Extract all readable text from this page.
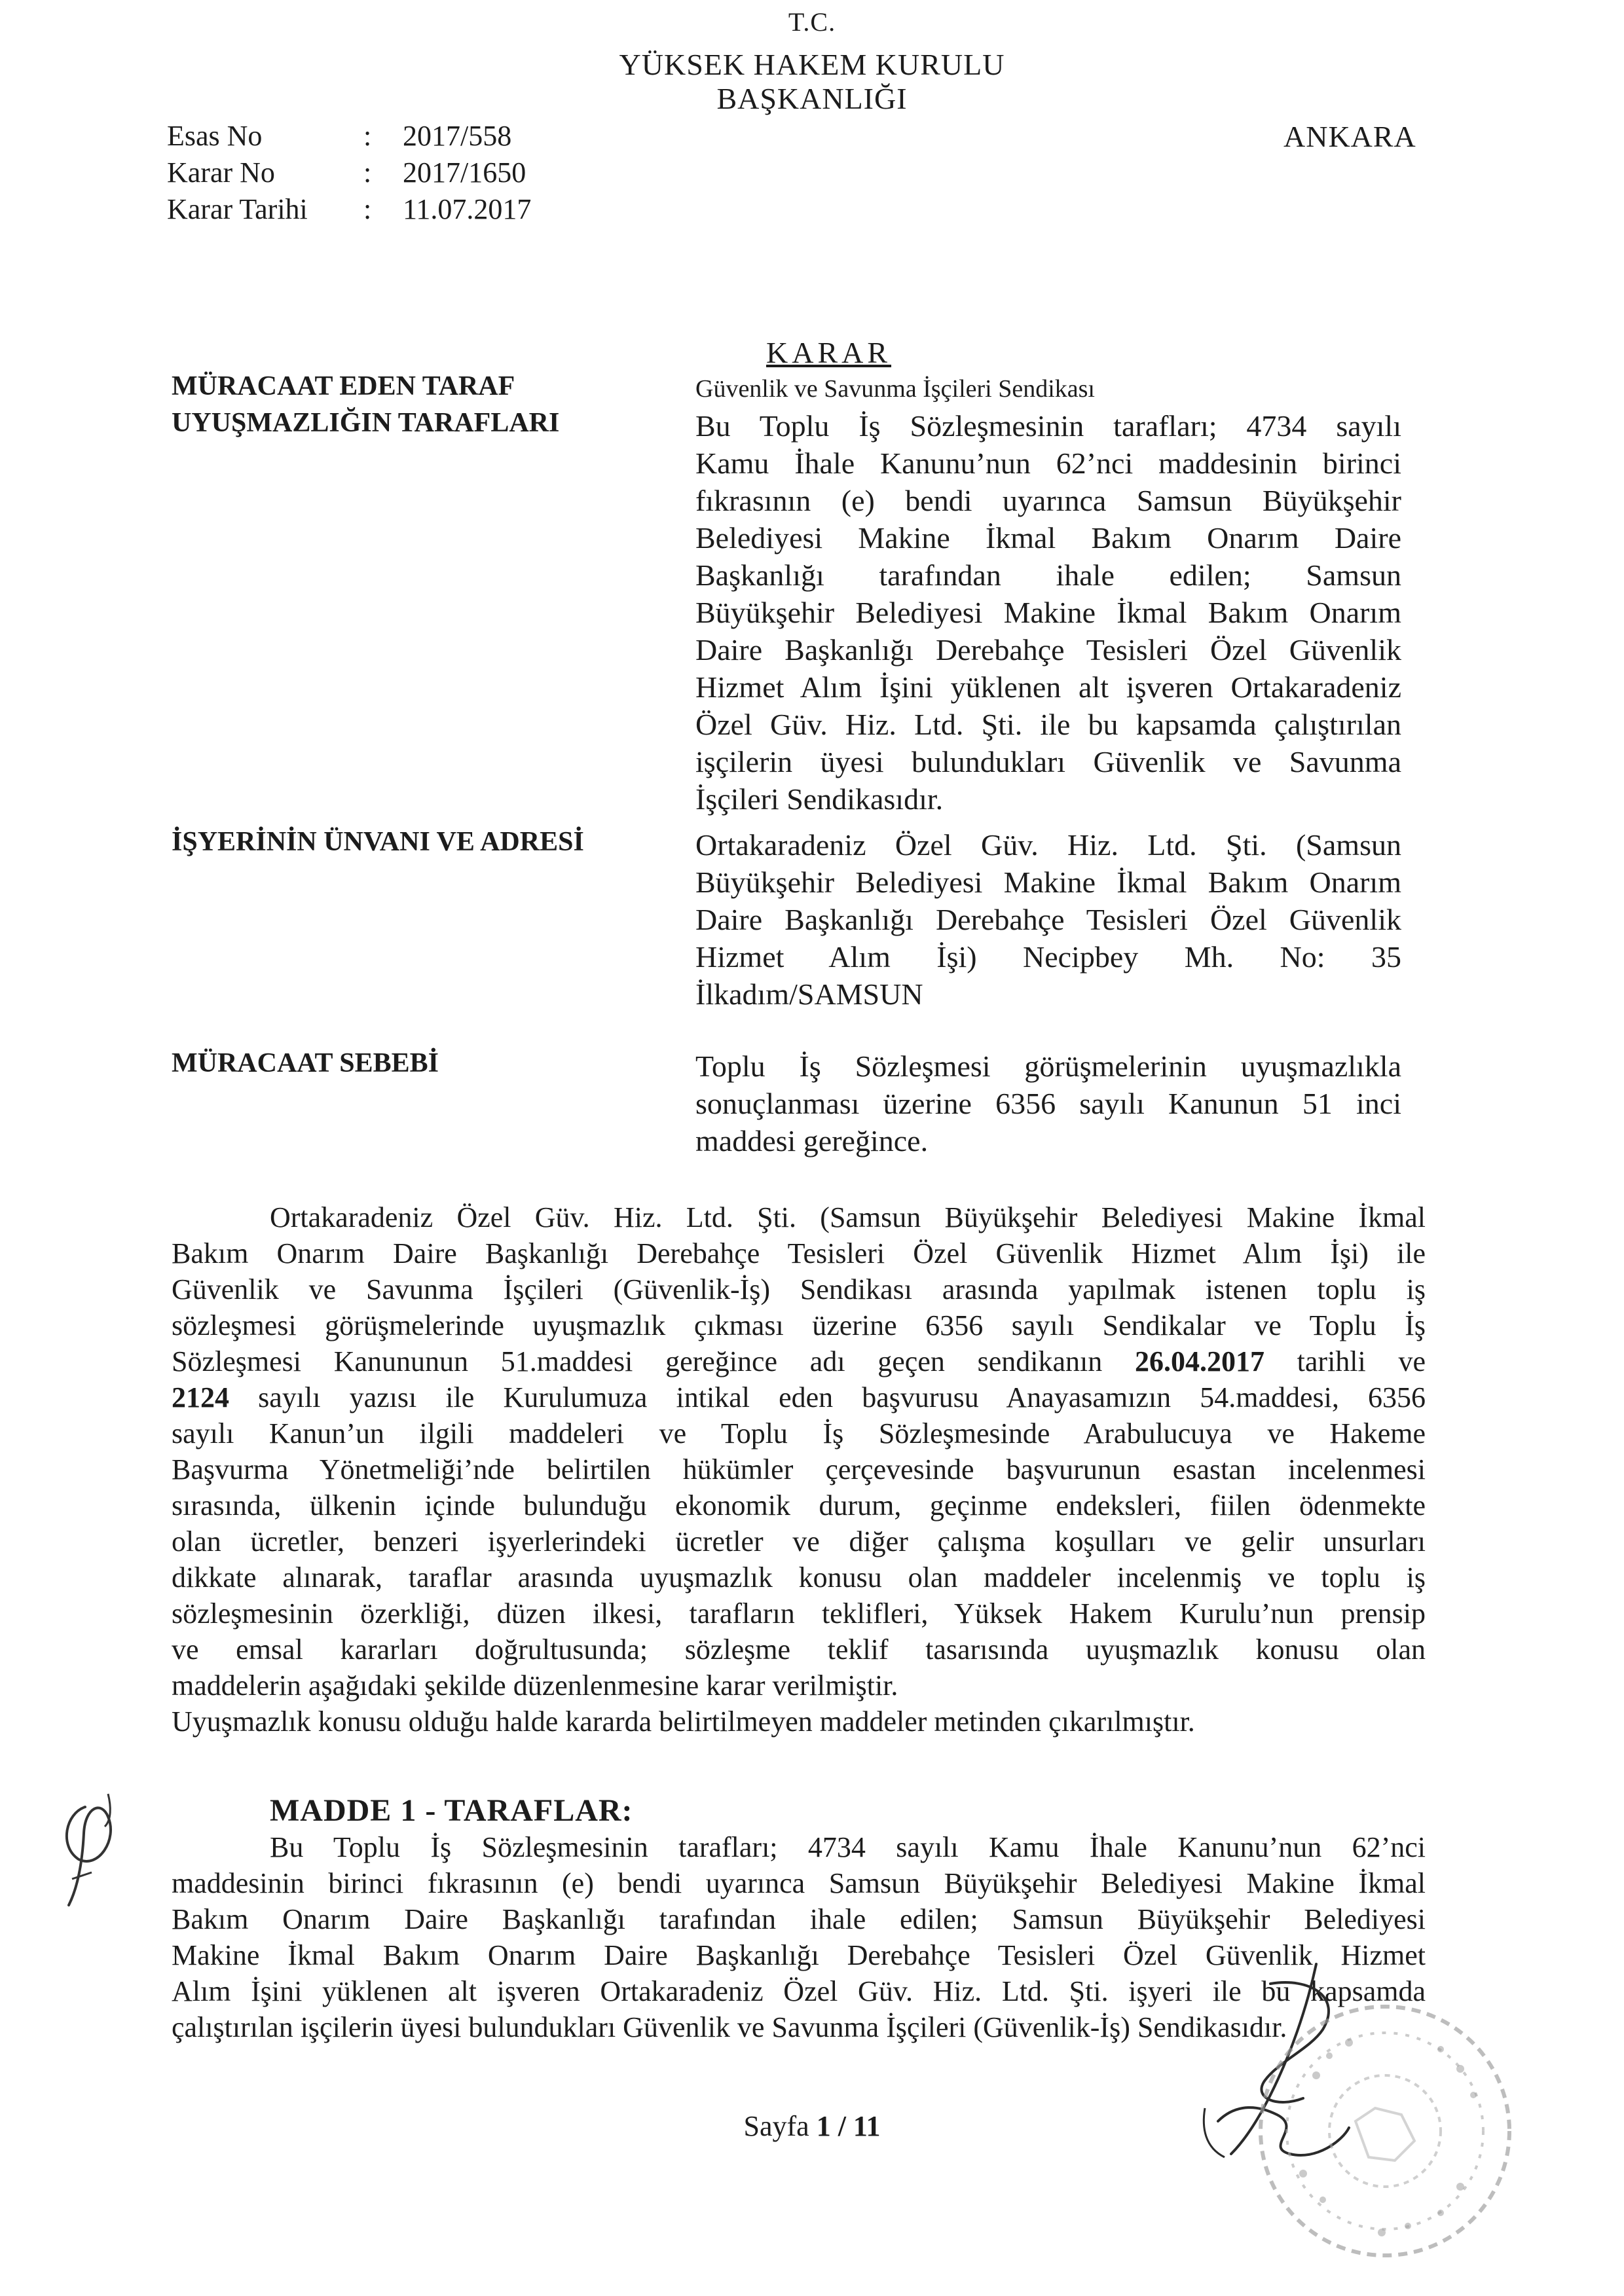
T.C.
YÜKSEK HAKEM KURULU
BAŞKANLIĞI
ANKARA
Esas No	: 2017/558
Karar No	: 2017/1650
Karar Tarihi : 11.07.2017
KARAR
MÜRACAAT EDEN TARAF
UYUŞMAZLIĞIN TARAFLARI
İŞYERİNİN ÜNVANI VE ADRESİ
MÜRACAAT SEBEBİ
Güvenlik ve Savunma İşçileri Sendikası
Bu Toplu İş Sözleşmesinin tarafları; 4734 sayılı
Kamu İhale Kanunu’nun 62’nci maddesinin birinci
fıkrasının (e) bendi uyarınca Samsun Büyükşehir
Belediyesi Makine İkmal Bakım Onarım Daire
Başkanlığı tarafından ihale edilen; Samsun
Büyükşehir Belediyesi Makine İkmal Bakım Onarım
Daire Başkanlığı Derebahçe Tesisleri Özel Güvenlik
Hizmet Alım İşini yüklenen alt işveren Ortakaradeniz
Özel Güv. Hiz. Ltd. Şti. ile bu kapsamda çalıştırılan
işçilerin üyesi bulundukları Güvenlik ve Savunma
İşçileri Sendikasıdır.
Ortakaradeniz Özel Güv. Hiz. Ltd. Şti. (Samsun
Büyükşehir Belediyesi Makine İkmal Bakım Onarım
Daire Başkanlığı Derebahçe Tesisleri Özel Güvenlik
Hizmet Alım İşi) Necipbey Mh. No: 35
İlkadım/SAMSUN
Toplu İş Sözleşmesi görüşmelerinin uyuşmazlıkla
sonuçlanması üzerine 6356 sayılı Kanunun 51 inci
maddesi gereğince.
Ortakaradeniz Özel Güv. Hiz. Ltd. Şti. (Samsun Büyükşehir Belediyesi Makine İkmal
Bakım Onarım Daire Başkanlığı Derebahçe Tesisleri Özel Güvenlik Hizmet Alım İşi) ile
Güvenlik ve Savunma İşçileri (Güvenlik-İş) Sendikası arasında yapılmak istenen toplu iş
sözleşmesi görüşmelerinde uyuşmazlık çıkması üzerine 6356 sayılı Sendikalar ve Toplu İş
Sözleşmesi Kanununun 51.maddesi gereğince adı geçen sendikanın 26.04.2017 tarihli ve
2124 sayılı yazısı ile Kurulumuza intikal eden başvurusu Anayasamızın 54.maddesi, 6356
sayılı Kanun’un ilgili maddeleri ve Toplu İş Sözleşmesinde Arabulucuya ve Hakeme
Başvurma Yönetmeliği’nde belirtilen hükümler çerçevesinde başvurunun esastan incelenmesi
sırasında, ülkenin içinde bulunduğu ekonomik durum, geçinme endeksleri, fiilen ödenmekte
olan ücretler, benzeri işyerlerindeki ücretler ve diğer çalışma koşulları ve gelir unsurları
dikkate alınarak, taraflar arasında uyuşmazlık konusu olan maddeler incelenmiş ve toplu iş
sözleşmesinin özerkliği, düzen ilkesi, tarafların teklifleri, Yüksek Hakem Kurulu’nun prensip
ve emsal kararları doğrultusunda; sözleşme teklif tasarısında uyuşmazlık konusu olan
maddelerin aşağıdaki şekilde düzenlenmesine karar verilmiştir.
Uyuşmazlık konusu olduğu halde kararda belirtilmeyen maddeler metinden çıkarılmıştır.
MADDE 1 - TARAFLAR:
Bu Toplu İş Sözleşmesinin tarafları; 4734 sayılı Kamu İhale Kanunu’nun 62’nci
maddesinin birinci fıkrasının (e) bendi uyarınca Samsun Büyükşehir Belediyesi Makine İkmal
Bakım Onarım Daire Başkanlığı tarafından ihale edilen; Samsun Büyükşehir Belediyesi
Makine İkmal Bakım Onarım Daire Başkanlığı Derebahçe Tesisleri Özel Güvenlik Hizmet
Alım İşini yüklenen alt işveren Ortakaradeniz Özel Güv. Hiz. Ltd. Şti. işyeri ile bu kapsamda
çalıştırılan işçilerin üyesi bulundukları Güvenlik ve Savunma İşçileri (Güvenlik-İş) Sendikasıdır.
Sayfa 1 / 11
